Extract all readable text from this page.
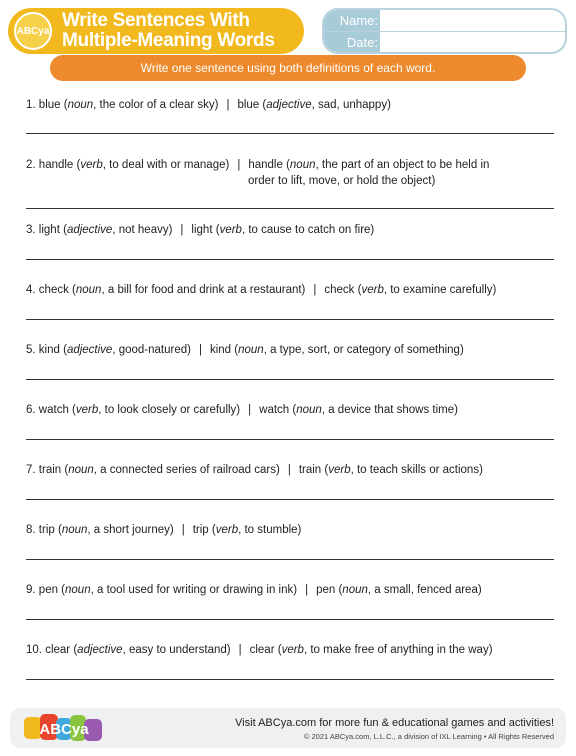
ABCya Write Sentences With
Multiple-Meaning Words
Name:
Date:
Write one sentence using both definitions of each word.
1. blue (noun, the color of a clear sky) | blue (adjective, sad, unhappy)
2. handle (verb, to deal with or manage) | handle (noun, the part of an object to be held in
order to lift, move, or hold the object)
3. light (adjective, not heavy) | light (verb, to cause to catch on fire)
4. check (noun, a bill for food and drink at a restaurant) | check (verb, to examine carefully)
5. kind (adjective, good-natured) | kind (noun, a type, sort, or category of something)
6. watch (verb, to look closely or carefully) | watch (noun, a device that shows time)
7. train (noun, a connected series of railroad cars) | train (verb, to teach skills or actions)
8. trip (noun, a short journey) | trip (verb, to stumble)
9. pen (noun, a tool used for writing or drawing in ink) | pen (noun, a small, fenced area)
10. clear (adjective, easy to understand) | clear (verb, to make free of anything in the way)
ABCya	Visit ABCya.com for more fun & educational games and activities!
© 2021 ABCya.com, L.L.C., a division of IXL Learning • All Rights Reserved
